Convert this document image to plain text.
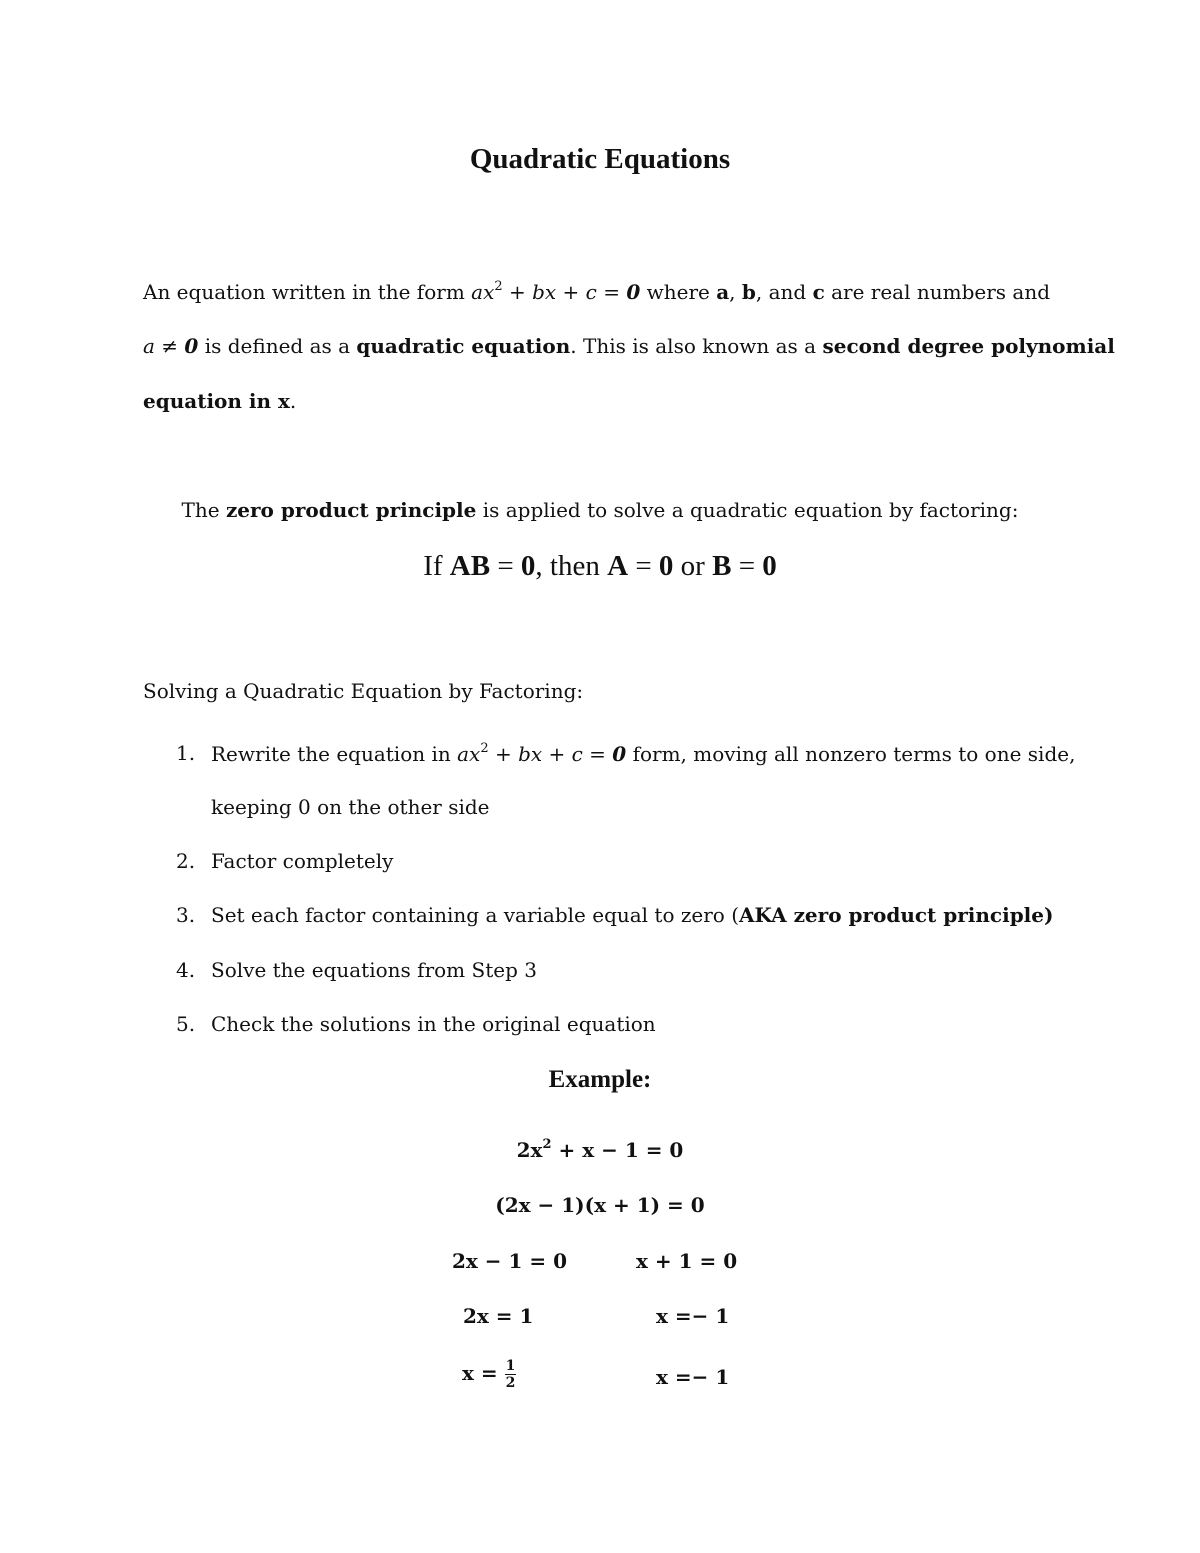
Quadratic Equations
An equation written in the form $ax^2$ + bx + c = 0 where a, b, and c are real numbers and
a ≠ 0 is defined as a quadratic equation. This is also known as a second degree polynomial
equation in x.
The zero product principle is applied to solve a quadratic equation by factoring:
If AB = 0, then A = 0 or B = 0
Solving a Quadratic Equation by Factoring:
1. Rewrite the equation in $ax^2$ + bx + c = 0 form, moving all nonzero terms to one side,
keeping 0 on the other side
2. Factor completely
3. Set each factor containing a variable equal to zero (AKA zero product principle)
4. Solve the equations from Step 3
5. Check the solutions in the original equation
Example:
$2x^2 + x - 1 = 0$
(2x − 1)(x + 1) = 0
2x − 1 = 0	x + 1 = 0
2x = 1	x =− 1
$x = \frac{1}{2}$	x =− 1
